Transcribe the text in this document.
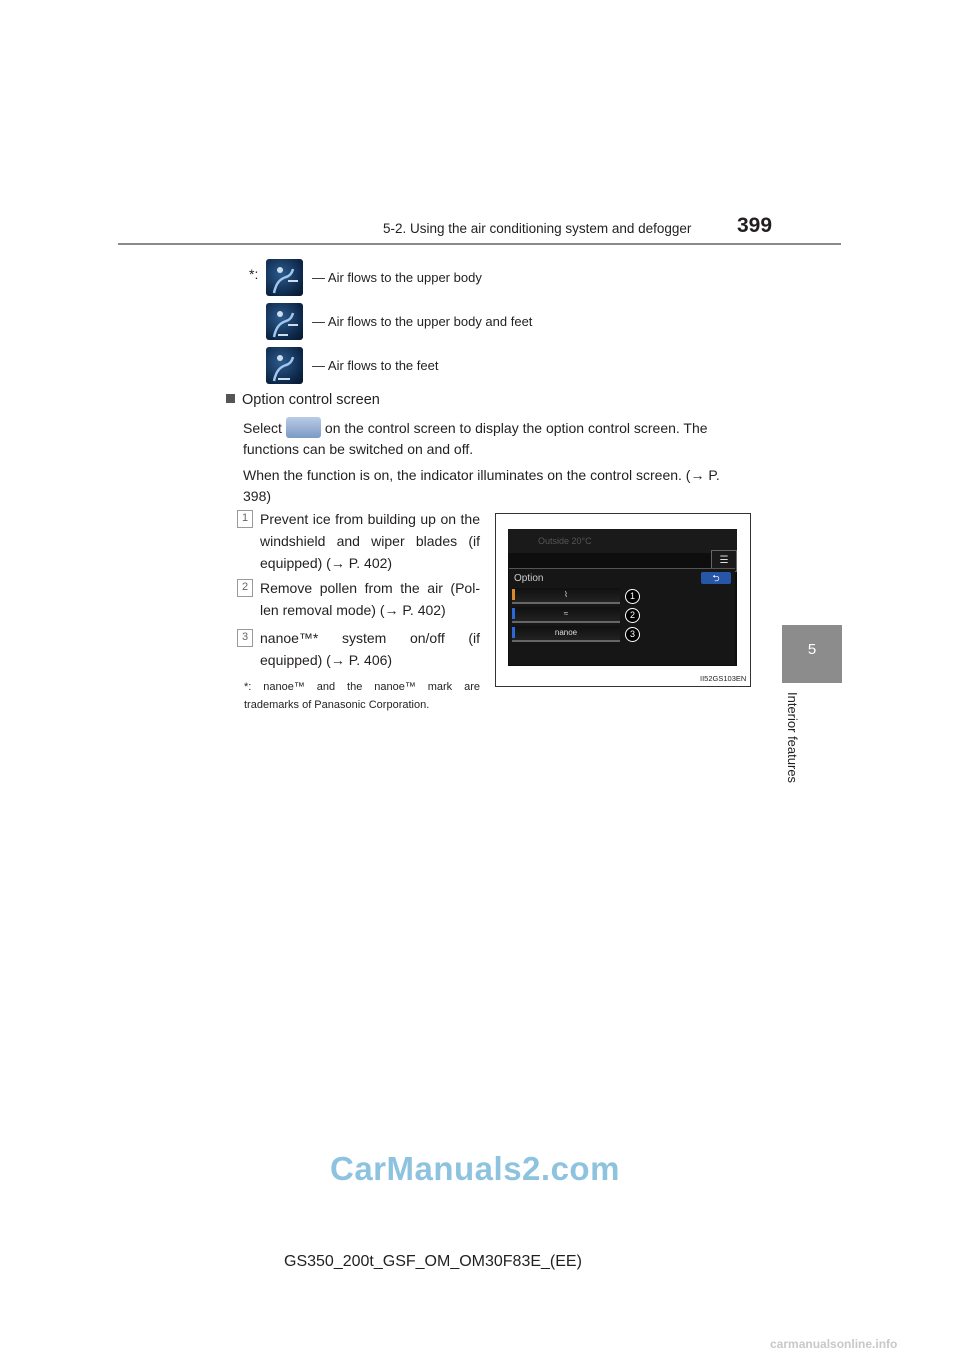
5-2. Using the air conditioning system and defogger 399
5
Interior features
*:	— Air flows to the upper body
— Air flows to the upper body and feet
— Air flows to the feet
Option control screen
Select	on the control screen to display the option control screen. The functions can be switched on and off.
When the function is on, the indicator illuminates on the control screen. (→ P. 398)
1 Prevent ice from building up on the windshield and wiper blades (if equipped) (→ P. 402)
2 Remove pollen from the air (Pol-len removal mode) (→ P. 402)
3 nanoe™* system on/off (if equipped) (→ P. 406)
*: nanoe™ and the nanoe™ mark are trademarks of Panasonic Corporation.
Outside 20°C
☰
Option	⮌
⌇
≈
nanoe
1
2
3
II52GS103EN
CarManuals2.com
GS350_200t_GSF_OM_OM30F83E_(EE)
carmanualsonline.info
